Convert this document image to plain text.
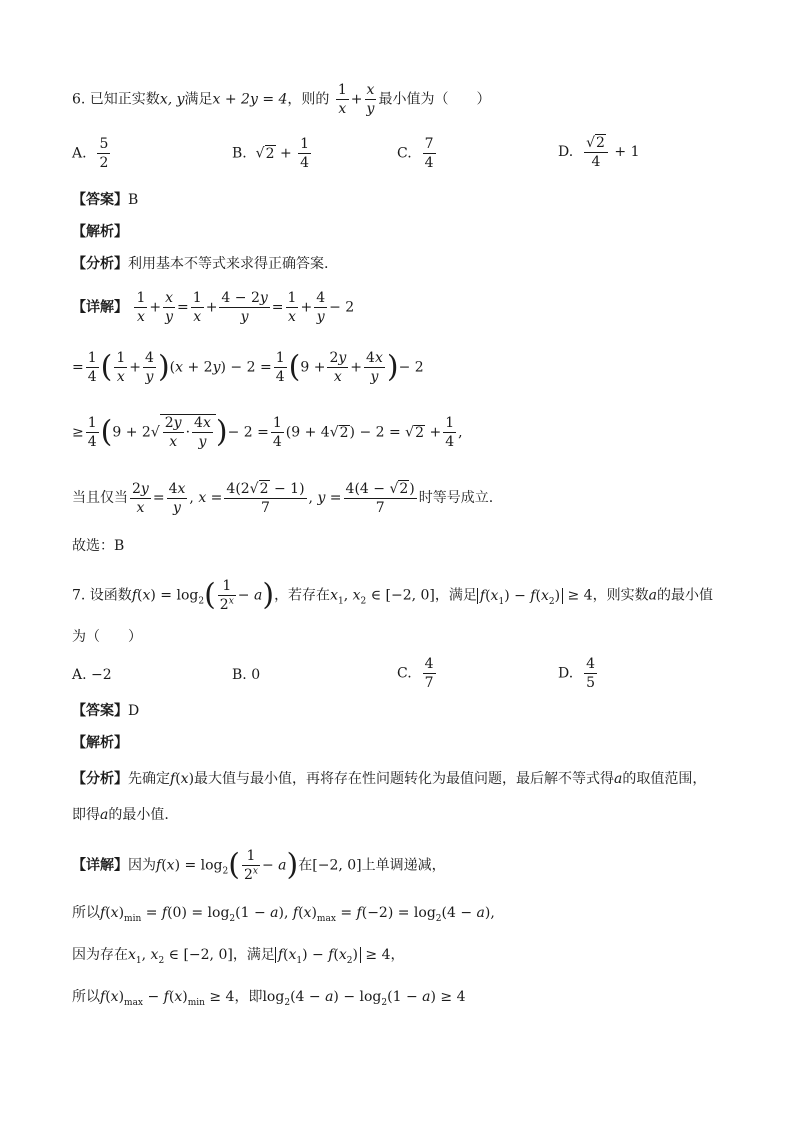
6. 已知正实数x, y满足x + 2y = 4，则的 $\frac{1}{x} + \frac{x}{y}$ 最小值为（　　）
A. $\frac{5}{2}$	B.  $√2 + \frac{1}{4}$	C. $\frac{7}{4}$	D. $\frac{√2}{4} + 1$
【答案】B
【解析】
【分析】利用基本不等式来求得正确答案.
【详解】 $\frac{1}{x} + \frac{x}{y} = \frac{1}{x} + \frac{4 - 2y}{y} = \frac{1}{x} + \frac{4}{y} - 2$
= $\frac{1}{4}$ ( $\frac{1}{x} + \frac{4}{y} )(x + 2y) - 2 = \frac{1}{4} (9 + \frac{2y}{x} + \frac{4x}{y}$ )− 2
≥ $\frac{1}{4} (9 + 2√ \frac{2y}{x} \cdot \frac{4x}{y}$ )− $2 = \frac{1}{4} (9 + 4√2) - 2 = √2 + \frac{1}{4}$ ,
当且仅当 $\frac{2y}{x} = \frac{4x}{y}$ , $x = \frac{4(2√2 - 1)}{7}$ , $y = \frac{4(4 - √2)}{7}$ 时等号成立.
故选：B
7. 设函数$f(x) = \log_2( \frac{1}{2^x} - a)$，若存在$x_1$, $x_2$ ∈ [−2, 0]，满足 $f(x_1) - f(x_2) \ge 4$，则实数a的最小值
为（　　）
A. −2	B. 0	C. $\frac{4}{7}$	D. $\frac{4}{5}$
【答案】D
【解析】
【分析】先确定f(x)最大值与最小值，再将存在性问题转化为最值问题，最后解不等式得a的取值范围，
即得a的最小值.
【详解】因为$f(x) = \log_2( \frac{1}{2^x} - a)$在[−2, 0]上单调递减，
所以$f(x)_{min} = f(0) = \log_2(1 - a)$, $f(x)_{max} = f(-2) = \log_2(4 - a)$,
因为存在$x_1$, $x_2$ ∈ [−2, 0]，满足 $f(x_1) - f(x_2) \ge 4$，
所以$f(x)_{max} - f(x)_{min} \ge 4$，即$\log_2(4 - a) - \log_2(1 - a) \ge 4$
